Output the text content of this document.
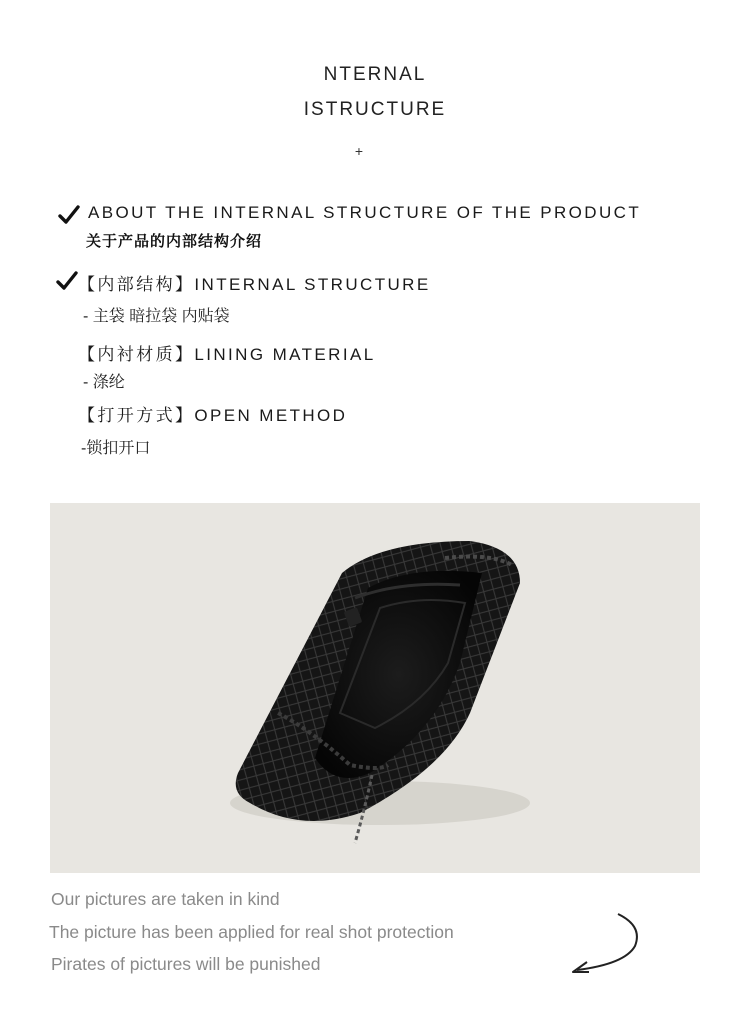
NTERNAL
ISTRUCTURE
+
ABOUT THE INTERNAL STRUCTURE OF THE PRODUCT
关于产品的内部结构介绍
【内部结构】INTERNAL STRUCTURE
- 主袋 暗拉袋 内贴袋
【内衬材质】LINING MATERIAL
- 涤纶
【打开方式】OPEN METHOD
-锁扣开口
Our pictures are taken in kind
The picture has been applied for real shot protection
Pirates of pictures will be punished
